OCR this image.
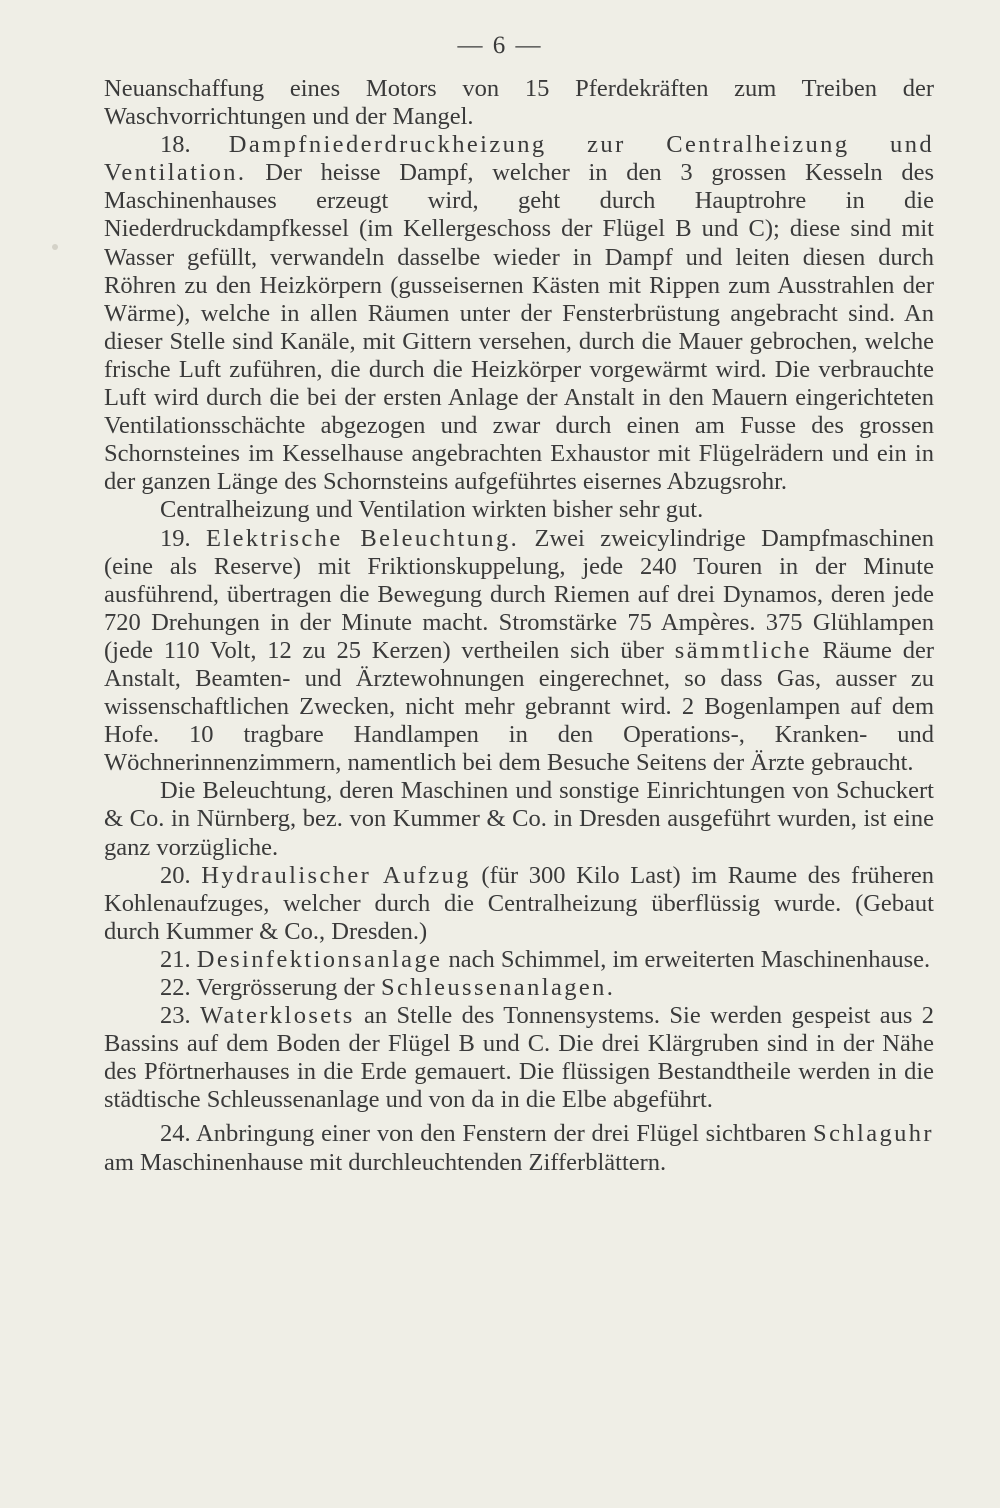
— 6 —

Neuanschaffung eines Motors von 15 Pferdekräften zum Treiben der Waschvorrichtungen und der Mangel.

18. Dampfniederdruckheizung zur Centralheizung und Ventilation. Der heisse Dampf, welcher in den 3 grossen Kesseln des Maschinenhauses erzeugt wird, geht durch Hauptrohre in die Niederdruckdampfkessel (im Kellergeschoss der Flügel B und C); diese sind mit Wasser gefüllt, verwandeln dasselbe wieder in Dampf und leiten diesen durch Röhren zu den Heizkörpern (gusseisernen Kästen mit Rippen zum Ausstrahlen der Wärme), welche in allen Räumen unter der Fensterbrüstung angebracht sind. An dieser Stelle sind Kanäle, mit Gittern versehen, durch die Mauer gebrochen, welche frische Luft zuführen, die durch die Heizkörper vorgewärmt wird. Die verbrauchte Luft wird durch die bei der ersten Anlage der Anstalt in den Mauern eingerichteten Ventilationsschächte abgezogen und zwar durch einen am Fusse des grossen Schornsteines im Kesselhause angebrachten Exhaustor mit Flügelrädern und ein in der ganzen Länge des Schornsteins aufgeführtes eisernes Abzugsrohr.

Centralheizung und Ventilation wirkten bisher sehr gut.

19. Elektrische Beleuchtung. Zwei zweicylindrige Dampfmaschinen (eine als Reserve) mit Friktionskuppelung, jede 240 Touren in der Minute ausführend, übertragen die Bewegung durch Riemen auf drei Dynamos, deren jede 720 Drehungen in der Minute macht. Stromstärke 75 Ampères. 375 Glühlampen (jede 110 Volt, 12 zu 25 Kerzen) vertheilen sich über sämmtliche Räume der Anstalt, Beamten- und Ärztewohnungen eingerechnet, so dass Gas, ausser zu wissenschaftlichen Zwecken, nicht mehr gebrannt wird. 2 Bogenlampen auf dem Hofe. 10 tragbare Handlampen in den Operations-, Kranken- und Wöchnerinnenzimmern, namentlich bei dem Besuche Seitens der Ärzte gebraucht.

Die Beleuchtung, deren Maschinen und sonstige Einrichtungen von Schuckert & Co. in Nürnberg, bez. von Kummer & Co. in Dresden ausgeführt wurden, ist eine ganz vorzügliche.

20. Hydraulischer Aufzug (für 300 Kilo Last) im Raume des früheren Kohlenaufzuges, welcher durch die Centralheizung überflüssig wurde. (Gebaut durch Kummer & Co., Dresden.)

21. Desinfektionsanlage nach Schimmel, im erweiterten Maschinenhause.

22. Vergrösserung der Schleussenanlagen.

23. Waterklosets an Stelle des Tonnensystems. Sie werden gespeist aus 2 Bassins auf dem Boden der Flügel B und C. Die drei Klärgruben sind in der Nähe des Pförtnerhauses in die Erde gemauert. Die flüssigen Bestandtheile werden in die städtische Schleussenanlage und von da in die Elbe abgeführt.

24. Anbringung einer von den Fenstern der drei Flügel sichtbaren Schlaguhr am Maschinenhause mit durchleuchtenden Zifferblättern.
